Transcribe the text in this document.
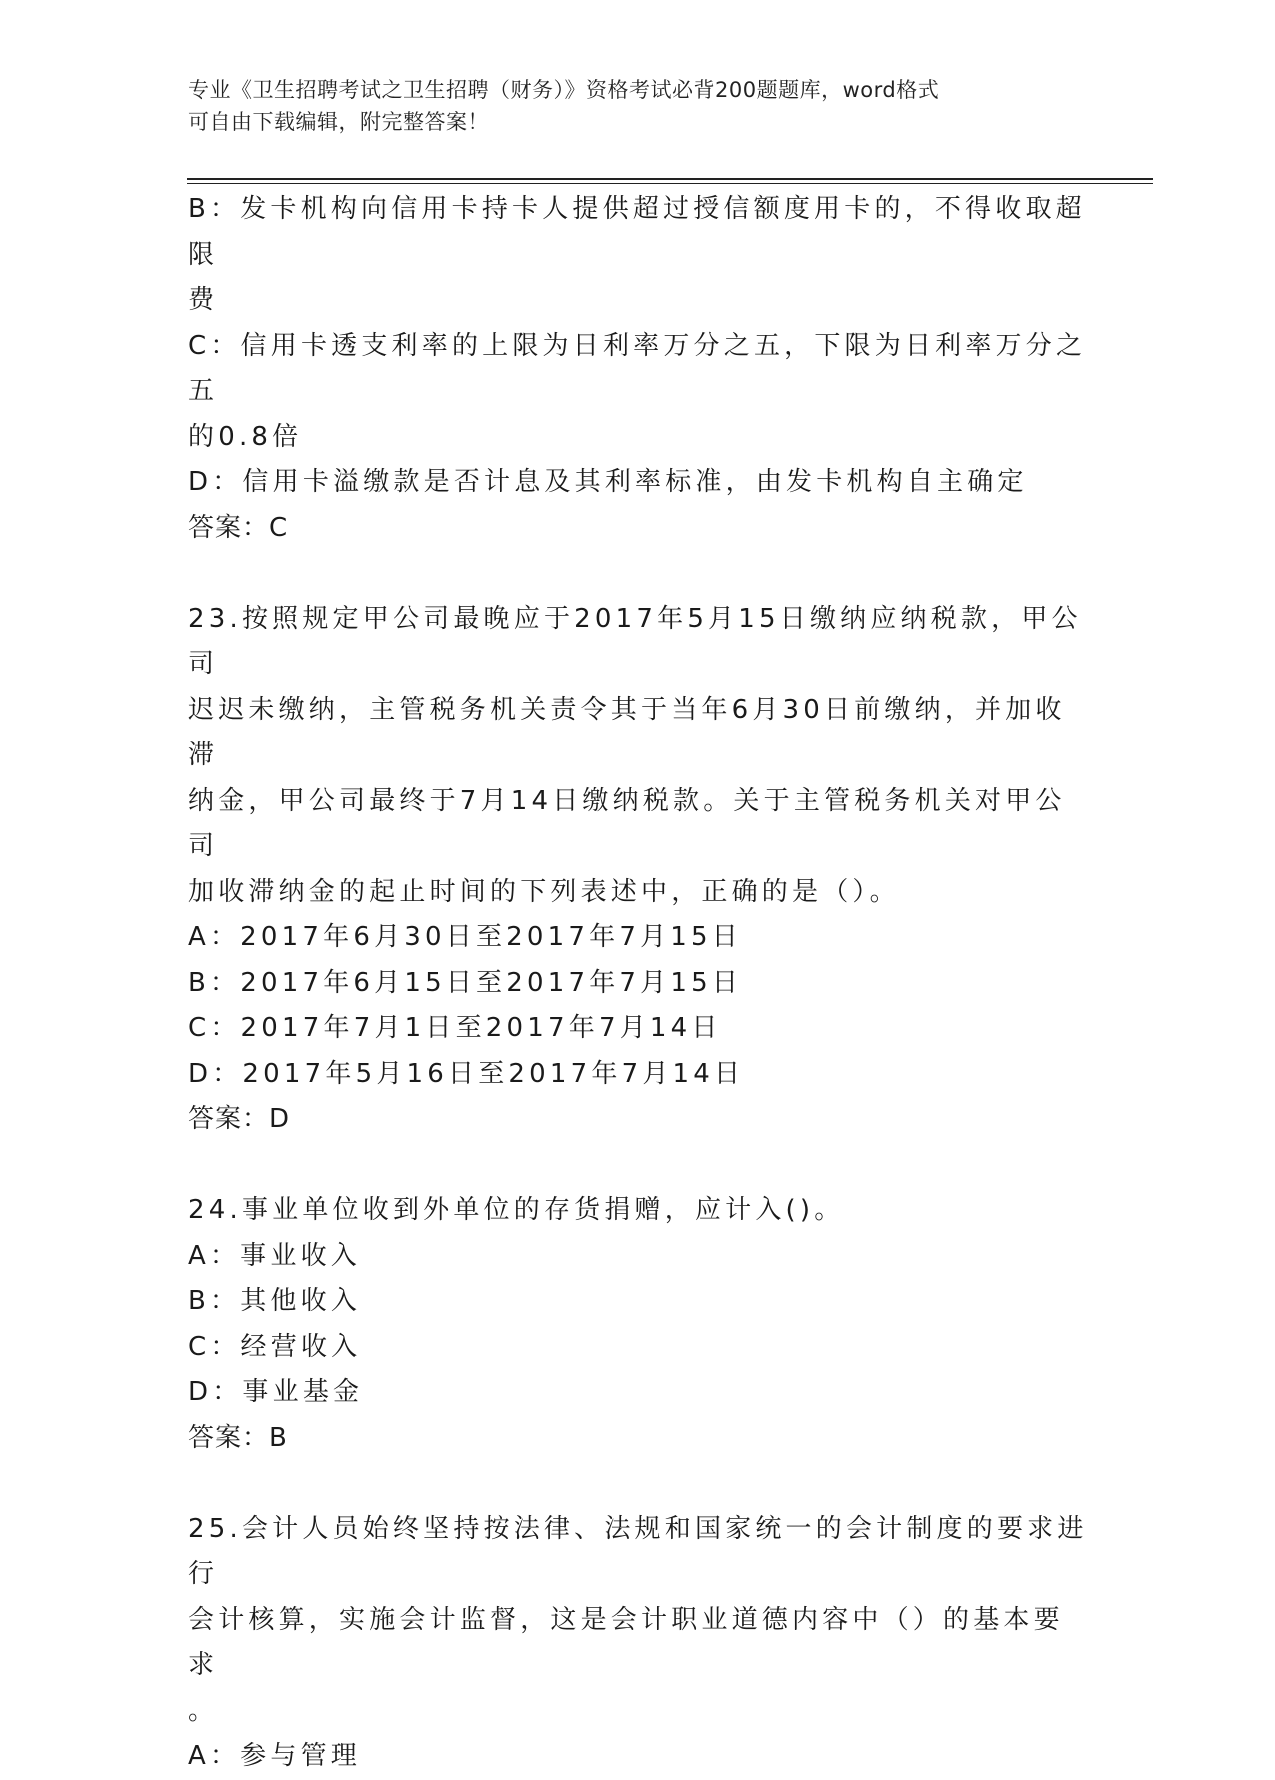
专业《卫生招聘考试之卫生招聘（财务）》资格考试必背200题题库，word格式

可自由下载编辑，附完整答案！

B：发卡机构向信用卡持卡人提供超过授信额度用卡的，不得收取超限

费

C：信用卡透支利率的上限为日利率万分之五，下限为日利率万分之五

的0.8倍

D：信用卡溢缴款是否计息及其利率标准，由发卡机构自主确定

答案：C

23.按照规定甲公司最晚应于2017年5月15日缴纳应纳税款，甲公司

迟迟未缴纳，主管税务机关责令其于当年6月30日前缴纳，并加收滞

纳金，甲公司最终于7月14日缴纳税款。关于主管税务机关对甲公司

加收滞纳金的起止时间的下列表述中，正确的是（）。

A：2017年6月30日至2017年7月15日

B：2017年6月15日至2017年7月15日

C：2017年7月1日至2017年7月14日

D：2017年5月16日至2017年7月14日

答案：D

24.事业单位收到外单位的存货捐赠，应计入()。

A：事业收入

B：其他收入

C：经营收入

D：事业基金

答案：B

25.会计人员始终坚持按法律、法规和国家统一的会计制度的要求进行

会计核算，实施会计监督，这是会计职业道德内容中（）的基本要求

。

A：参与管理
